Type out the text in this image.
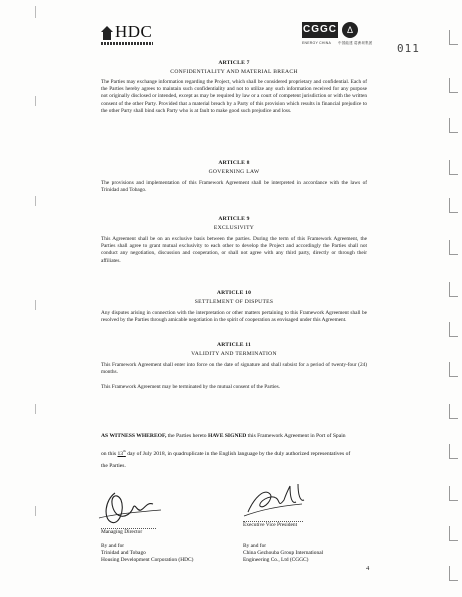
HDC	CGGC	Δ
ENERGY CHINA 中国能建 葛洲坝集团 011
ARTICLE 7
CONFIDENTIALITY AND MATERIAL BREACH
The Parties may exchange information regarding the Project, which shall be considered proprietary and confidential. Each of the Parties hereby agrees to maintain such confidentiality and not to utilize any such information received for any purpose not originally disclosed or intended, except as may be required by law or a court of competent jurisdiction or with the written consent of the other Party. Provided that a material breach by a Party of this provision which results in financial prejudice to the other Party shall bind such Party who is at fault to make good such prejudice and loss.
ARTICLE 8
GOVERNING LAW
The provisions and implementation of this Framework Agreement shall be interpreted in accordance with the laws of Trinidad and Tobago.
ARTICLE 9
EXCLUSIVITY
This Agreement shall be on an exclusive basis between the parties. During the term of this Framework Agreement, the Parties shall agree to grant mutual exclusivity to each other to develop the Project and accordingly the Parties shall not conduct any negotiation, discussion and cooperation, or shall not agree with any third party, directly or through their affiliates.
ARTICLE 10
SETTLEMENT OF DISPUTES
Any disputes arising in connection with the interpretation or other matters pertaining to this Framework Agreement shall be resolved by the Parties through amicable negotiation in the spirit of cooperation as envisaged under this Agreement.
ARTICLE 11
VALIDITY AND TERMINATION
This Framework Agreement shall enter into force on the date of signature and shall subsist for a period of twenty-four (24) months.
This Framework Agreement may be terminated by the mutual consent of the Parties.
AS WITNESS WHEREOF, the Parties hereto HAVE SIGNED this Framework Agreement in Port of Spain
on this 13th day of July 2018, in quadruplicate in the English language by the duly authorized representatives of
the Parties.
Managing Director
By and for
Trinidad and Tobago
Housing Development Corporation (HDC)
Executive Vice President
By and for
China Gezhouba Group International
Engineering Co., Ltd (CGGC)
4
